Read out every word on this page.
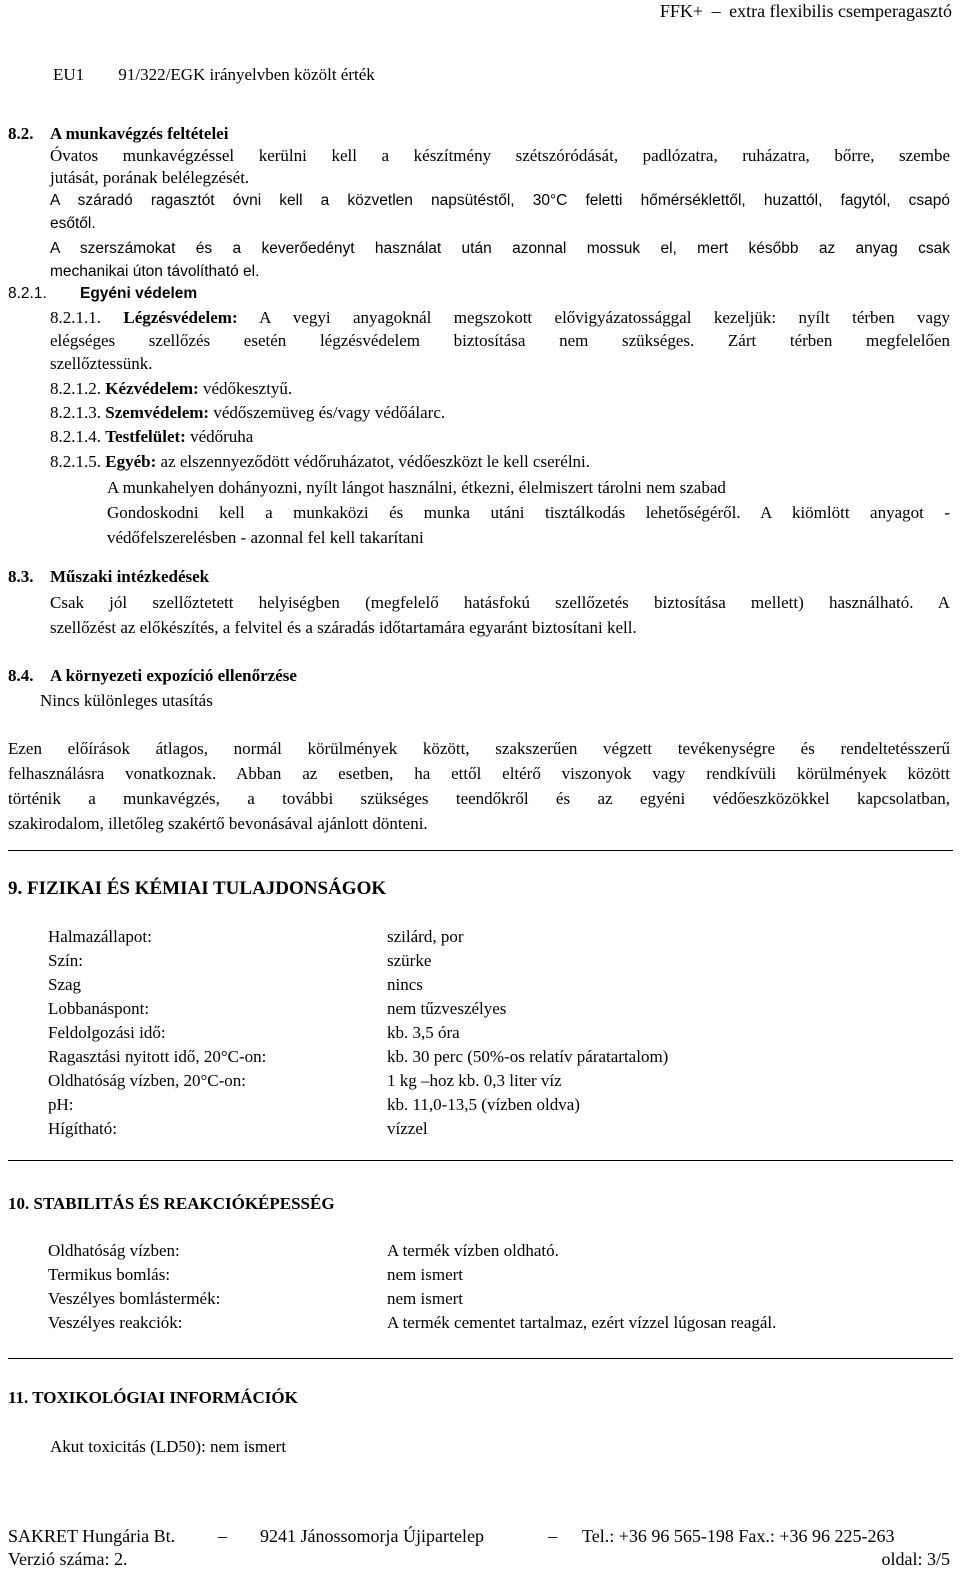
FFK+ – extra flexibilis csemperagasztó
EU1 91/322/EGK irányelvben közölt érték
8.2. A munkavégzés feltételei
Óvatos munkavégzéssel kerülni kell a készítmény szétszóródását, padlózatra, ruházatra, bőrre, szembe
jutását, porának belélegzését.
A száradó ragasztót óvni kell a közvetlen napsütéstől, 30°C feletti hőmérséklettől, huzattól, fagytól, csapó
esőtől.
A szerszámokat és a keverőedényt használat után azonnal mossuk el, mert később az anyag csak
mechanikai úton távolítható el.
8.2.1. Egyéni védelem
8.2.1.1. Légzésvédelem: A vegyi anyagoknál megszokott elővigyázatossággal kezeljük: nyílt térben vagy
elégséges szellőzés esetén légzésvédelem biztosítása nem szükséges. Zárt térben megfelelően
szellőztessünk.
8.2.1.2. Kézvédelem: védőkesztyű.
8.2.1.3. Szemvédelem: védőszemüveg és/vagy védőálarc.
8.2.1.4. Testfelület: védőruha
8.2.1.5. Egyéb: az elszennyeződött védőruházatot, védőeszközt le kell cserélni.
A munkahelyen dohányozni, nyílt lángot használni, étkezni, élelmiszert tárolni nem szabad
Gondoskodni kell a munkaközi és munka utáni tisztálkodás lehetőségéről. A kiömlött anyagot -
védőfelszerelésben - azonnal fel kell takarítani
8.3. Műszaki intézkedések
Csak jól szellőztetett helyiségben (megfelelő hatásfokú szellőzetés biztosítása mellett) használható. A
szellőzést az előkészítés, a felvitel és a száradás időtartamára egyaránt biztosítani kell.
8.4. A környezeti expozíció ellenőrzése
Nincs különleges utasítás
Ezen előírások átlagos, normál körülmények között, szakszerűen végzett tevékenységre és rendeltetésszerű
felhasználásra vonatkoznak. Abban az esetben, ha ettől eltérő viszonyok vagy rendkívüli körülmények között
történik a munkavégzés, a további szükséges teendőkről és az egyéni védőeszközökkel kapcsolatban,
szakirodalom, illetőleg szakértő bevonásával ajánlott dönteni.
9. FIZIKAI ÉS KÉMIAI TULAJDONSÁGOK
Halmazállapot:	szilárd, por
Szín:	szürke
Szag	nincs
Lobbanáspont:	nem tűzveszélyes
Feldolgozási idő:	kb. 3,5 óra
Ragasztási nyitott idő, 20°C-on:	kb. 30 perc (50%-os relatív páratartalom)
Oldhatóság vízben, 20°C-on:	1 kg –hoz kb. 0,3 liter víz
pH:	kb. 11,0-13,5 (vízben oldva)
Hígítható:	vízzel
10. STABILITÁS ÉS REAKCIÓKÉPESSÉG
Oldhatóság vízben:	A termék vízben oldható.
Termikus bomlás:	nem ismert
Veszélyes bomlástermék:	nem ismert
Veszélyes reakciók:	A termék cementet tartalmaz, ezért vízzel lúgosan reagál.
11. TOXIKOLÓGIAI INFORMÁCIÓK
Akut toxicitás (LD50): nem ismert
SAKRET Hungária Bt. – 9241 Jánossomorja Újipartelep	– Tel.: +36 96 565-198 Fax.: +36 96 225-263
Verzió száma: 2.	oldal: 3/5
